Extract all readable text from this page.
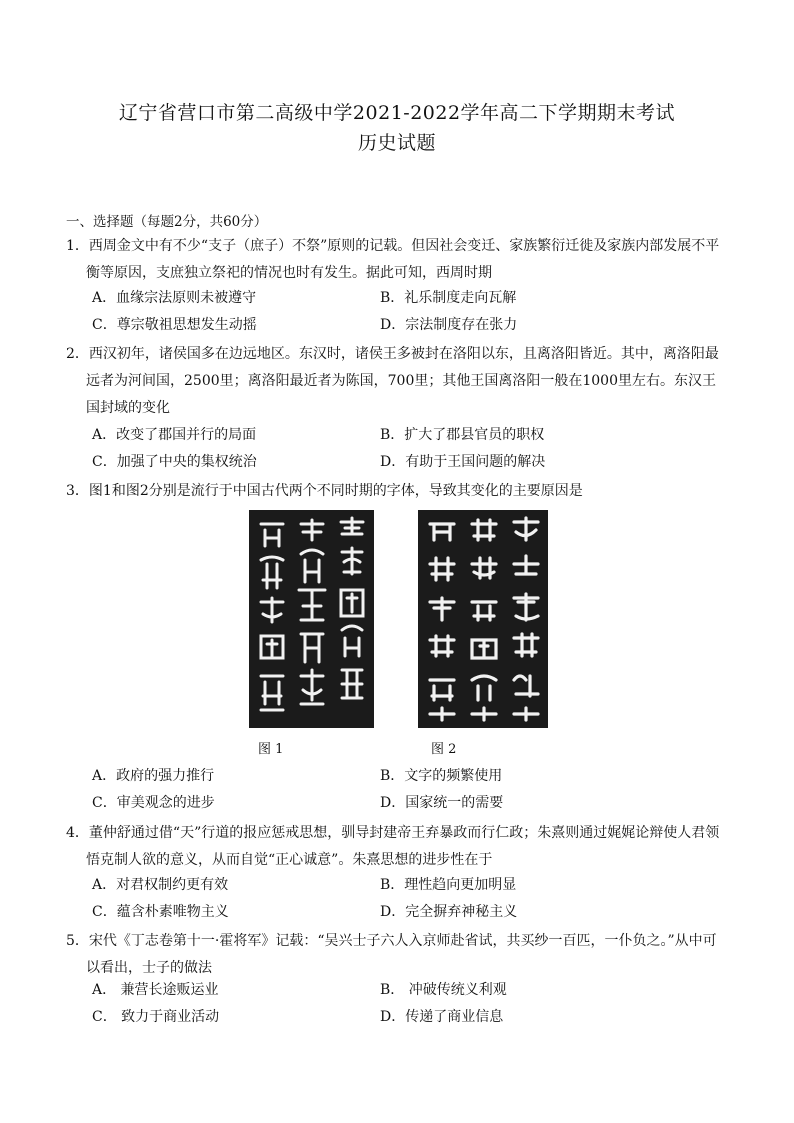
辽宁省营口市第二高级中学2021-2022学年高二下学期期末考试
历史试题
一、选择题（每题2分，共60分）
1．西周金文中有不少“支子（庶子）不祭”原则的记载。但因社会变迁、家族繁衍迁徙及家族内部发展不平
衡等原因，支庶独立祭祀的情况也时有发生。据此可知，西周时期
A．血缘宗法原则未被遵守	B．礼乐制度走向瓦解
C．尊宗敬祖思想发生动摇	D．宗法制度存在张力
2．西汉初年，诸侯国多在边远地区。东汉时，诸侯王多被封在洛阳以东，且离洛阳皆近。其中，离洛阳最
远者为河间国，2500里；离洛阳最近者为陈国，700里；其他王国离洛阳一般在1000里左右。东汉王
国封域的变化
A．改变了郡国并行的局面	B．扩大了郡县官员的职权
C．加强了中央的集权统治	D．有助于王国问题的解决
3．图1和图2分别是流行于中国古代两个不同时期的字体，导致其变化的主要原因是
图 1	图 2
A．政府的强力推行	B．文字的频繁使用
C．审美观念的进步	D．国家统一的需要
4．董仲舒通过借“天”行道的报应惩戒思想，驯导封建帝王弃暴政而行仁政；朱熹则通过娓娓论辩使人君领
悟克制人欲的意义，从而自觉“正心诚意”。朱熹思想的进步性在于
A．对君权制约更有效	B．理性趋向更加明显
C．蕴含朴素唯物主义	D．完全摒弃神秘主义
5．宋代《丁志卷第十一·霍将军》记载：“吴兴士子六人入京师赴省试，共买纱一百匹，一仆负之。”从中可
以看出，士子的做法
A． 兼营长途贩运业	B． 冲破传统义利观
C． 致力于商业活动	D．传递了商业信息
